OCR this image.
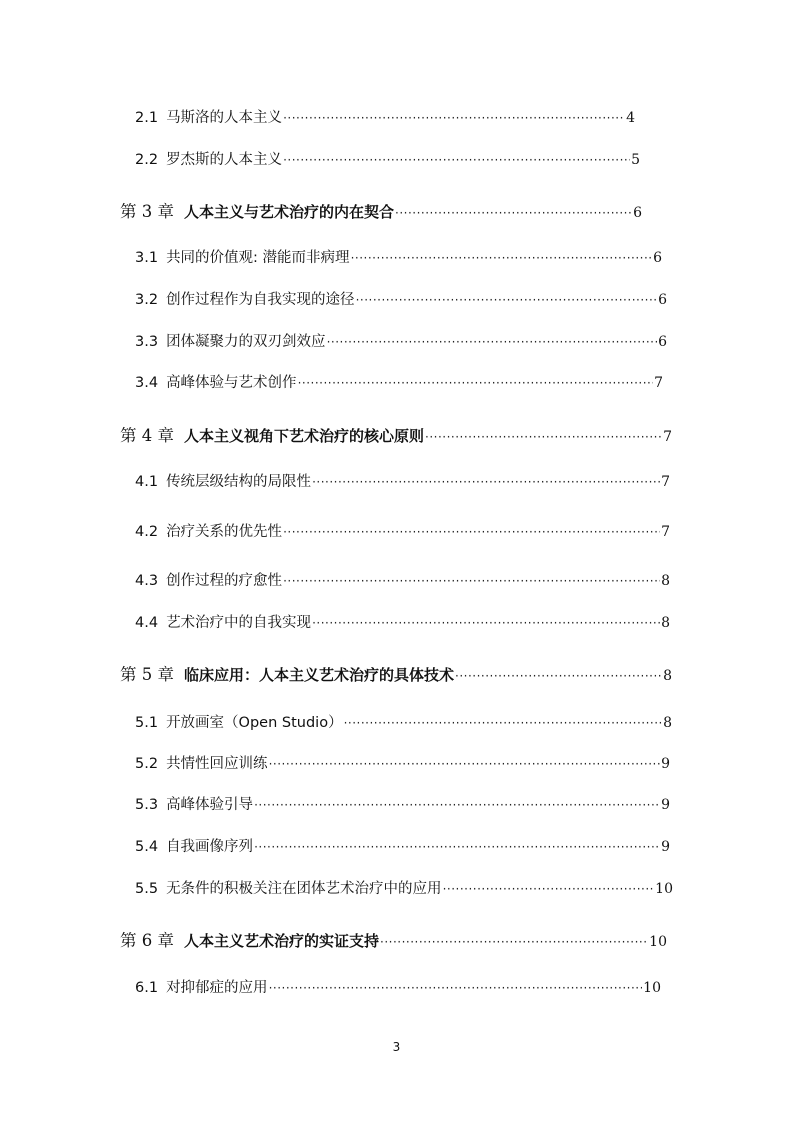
2.1 马斯洛的人本主义 ·····	4
2.2 罗杰斯的人本主义 ·····	5
第 3 章 人本主义与艺术治疗的内在契合 ·····	6
3.1 共同的价值观: 潜能而非病理 ·····	6
3.2 创作过程作为自我实现的途径 ·····	6
3.3 团体凝聚力的双刃剑效应 ·····	6
3.4 高峰体验与艺术创作 ·····	7
第 4 章 人本主义视角下艺术治疗的核心原则 ·····	7
4.1 传统层级结构的局限性 ·····	7
4.2 治疗关系的优先性 ·····	7
4.3 创作过程的疗愈性 ·····	8
4.4 艺术治疗中的自我实现 ·····	8
第 5 章 临床应用：人本主义艺术治疗的具体技术 ·····	8
5.1 开放画室（Open Studio） ·····	8
5.2 共情性回应训练 ·····	9
5.3 高峰体验引导 ·····	9
5.4 自我画像序列 ·····	9
5.5 无条件的积极关注在团体艺术治疗中的应用 ·····	10
第 6 章 人本主义艺术治疗的实证支持 ·····	10
6.1 对抑郁症的应用 ·····	10
3
